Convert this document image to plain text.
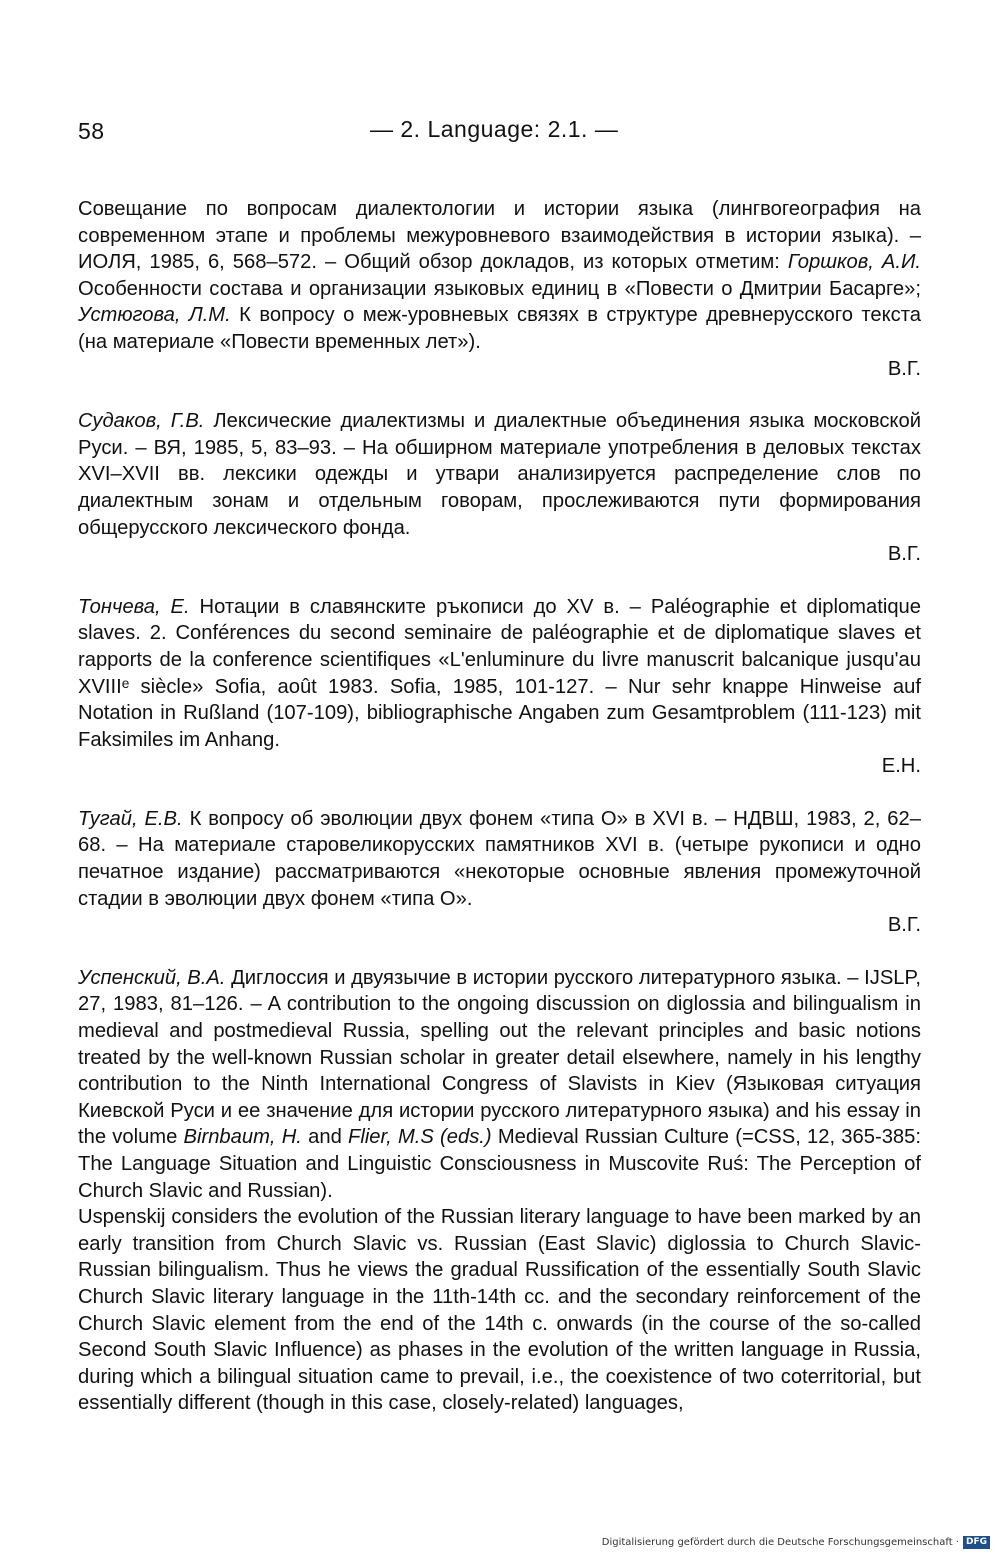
58	— 2. Language: 2.1. —
Совещание по вопросам диалектологии и истории языка (лингвогеография на современном этапе и проблемы межуровневого взаимодействия в истории языка). – ИОЛЯ, 1985, 6, 568–572. – Общий обзор докладов, из которых отметим: Горшков, А.И. Особенности состава и организации языковых единиц в «Повести о Дмитрии Басарге»; Устюгова, Л.М. К вопросу о меж-уровневых связях в структуре древнерусского текста (на материале «Повести временных лет»).
В.Г.
Судаков, Г.В. Лексические диалектизмы и диалектные объединения языка московской Руси. – ВЯ, 1985, 5, 83–93. – На обширном материале употребления в деловых текстах XVI–XVII вв. лексики одежды и утвари анализируется распределение слов по диалектным зонам и отдельным говорам, прослеживаются пути формирования общерусского лексического фонда.
В.Г.
Тончева, Е. Нотации в славянските ръкописи до XV в. – Paléographie et diplomatique slaves. 2. Conférences du second seminaire de paléographie et de diplomatique slaves et rapports de la conference scientifiques «L'enluminure du livre manuscrit balcanique jusqu'au XVIIIᵉ siècle» Sofia, août 1983. Sofia, 1985, 101-127. – Nur sehr knappe Hinweise auf Notation in Rußland (107-109), bibliographische Angaben zum Gesamtproblem (111-123) mit Faksimiles im Anhang.
Е.Н.
Тугай, Е.В. К вопросу об эволюции двух фонем «типа О» в XVI в. – НДВШ, 1983, 2, 62–68. – На материале старовеликорусских памятников XVI в. (четыре рукописи и одно печатное издание) рассматриваются «некоторые основные явления промежуточной стадии в эволюции двух фонем «типа О».
В.Г.

Успенский, В.А. Диглоссия и двуязычие в истории русского литературного языка. – IJSLP, 27, 1983, 81–126. – A contribution to the ongoing discussion on diglossia and bilingualism in medieval and postmedieval Russia, spelling out the relevant principles and basic notions treated by the well-known Russian scholar in greater detail elsewhere, namely in his lengthy contribution to the Ninth International Congress of Slavists in Kiev (Языковая ситуация Киевской Руси и ее значение для истории русского литературного языка) and his essay in the volume Birnbaum, H. and Flier, M.S (eds.) Medieval Russian Culture (=CSS, 12, 365-385: The Language Situation and Linguistic Consciousness in Muscovite Ruś: The Perception of Church Slavic and Russian).

Uspenskij considers the evolution of the Russian literary language to have been marked by an early transition from Church Slavic vs. Russian (East Slavic) diglossia to Church Slavic-Russian bilingualism. Thus he views the gradual Russification of the essentially South Slavic Church Slavic literary language in the 11th-14th cc. and the secondary reinforcement of the Church Slavic element from the end of the 14th c. onwards (in the course of the so-called Second South Slavic Influence) as phases in the evolution of the written language in Russia, during which a bilingual situation came to prevail, i.e., the coexistence of two coterritorial, but essentially different (though in this case, closely-related) languages,

Digitalisierung gefördert durch die Deutsche Forschungsgemeinschaft · DFG
